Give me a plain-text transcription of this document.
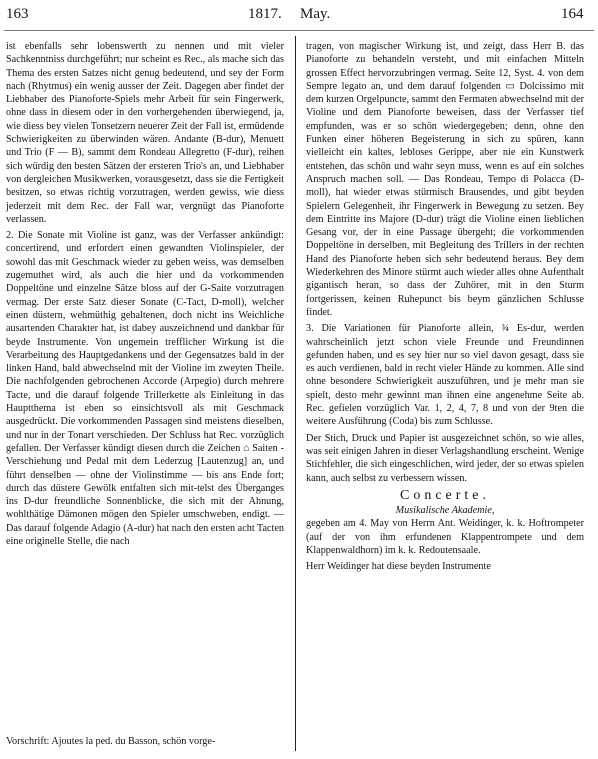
163	1817. May.	164

ist ebenfalls sehr lobenswerth zu nennen und mit vieler Sachkenntniss durchgeführt; nur scheint es Rec., als mache sich das Thema des ersten Satzes nicht genug bedeutend, und sey der Form nach (Rhytmus) ein wenig ausser der Zeit. Dagegen aber findet der Liebhaber des Pianoforte-Spiels mehr Arbeit für sein Fingerwerk, ohne dass in diesem oder in den vorhergehenden überwiegend, ja, wie diess bey vielen Tonsetzern neuerer Zeit der Fall ist, ermüdende Schwierigkeiten zu überwinden wären. Andante (B-dur), Menuett und Trio (F — B), sammt dem Rondeau Allegretto (F-dur), reihen sich würdig den besten Sätzen der ersteren Trio's an, und Liebhaber von dergleichen Musikwerken, vorausgesetzt, dass sie die Fertigkeit besitzen, so etwas richtig vorzutragen, werden gewiss, wie diess jederzeit mit dem Rec. der Fall war, vergnügt das Pianoforte verlassen.

2. Die Sonate mit Violine ist ganz, was der Verfasser ankündigt: concertirend, und erfordert einen gewandten Violinspieler, der sowohl das mit Geschmack wieder zu geben weiss, was demselben zugemuthet wird, als auch die hier und da vorkommenden Doppeltöne und einzelne Sätze bloss auf der G-Saite vorzutragen vermag. Der erste Satz dieser Sonate (C-Tact, D-moll), welcher einen düstern, wehmüthig gehaltenen, doch nicht ins Weichliche ausartenden Charakter hat, ist dabey auszeichnend und dankbar für beyde Instrumente. Von ungemein trefflicher Wirkung ist die Verarbeitung des Hauptgedankens und der Gegensatzes bald in der linken Hand, bald abwechselnd mit der Violine im zweyten Theile. Die nachfolgenden gebrochenen Accorde (Arpegio) durch mehrere Tacte, und die darauf folgende Trillerkette als Einleitung in das Hauptthema ist eben so einsichtsvoll als mit Geschmack ausgedrückt. Die vorkommenden Passagen sind meistens dieselben, und nur in der Tonart verschieden. Der Schluss hat Rec. vorzüglich gefallen. Der Verfasser kündigt diesen durch die Zeichen ⌂ Saiten - Verschiehung und Pedal mit dem Lederzug [Lautenzug] an, und führt denselben — ohne der Violinstimme — bis ans Ende fort; durch das düstere Gewölk entfalten sich mit-telst des Überganges ins D-dur freundliche Sonnenblicke, die sich mit der Ahnung, wohlthätige Dämonen mögen den Spieler umschweben, endigt. — Das darauf folgende Adagio (A-dur) hat nach den ersten acht Tacten eine originelle Stelle, die nach

Vorschrift: Ajoutes la ped. du Basson, schön vorge-

tragen, von magischer Wirkung ist, und zeigt, dass Herr B. das Pianoforte zu behandeln versteht, und mit einfachen Mitteln grossen Effect hervorzubringen vermag. Seite 12, Syst. 4. von dem Sempre legato an, und dem darauf folgenden ▭ Dolcissimo mit dem kurzen Orgelpuncte, sammt den Fermaten abwechselnd mit der Violine und dem Pianoforte beweisen, dass der Verfasser tief empfunden, was er so schön wiedergegeben; denn, ohne den Funken einer höheren Begeisterung in sich zu spüren, kann vielleicht ein kaltes, lebloses Gerippe, aber nie ein Kunstwerk entstehen, das schön und wahr seyn muss, wenn es auf ein solches Anspruch machen soll. — Das Rondeau, Tempo di Polacca (D-moll), hat wieder etwas stürmisch Brausendes, und gibt beyden Spielern Gelegenheit, ihr Fingerwerk in Bewegung zu setzen. Bey dem Eintritte ins Majore (D-dur) trägt die Violine einen lieblichen Gesang vor, der in eine Passage übergeht; die vorkommenden Doppeltöne in derselben, mit Begleitung des Trillers in der rechten Hand des Pianoforte heben sich sehr bedeutend heraus. Bey dem Wiederkehren des Minore stürmt auch wieder alles ohne Aufenthalt gigantisch heran, so dass der Zuhörer, mit in den Sturm fortgerissen, keinen Ruhepunct bis beym gänzlichen Schlusse findet.

3. Die Variationen für Pianoforte allein, ¾ Es-dur, werden wahrscheinlich jetzt schon viele Freunde und Freundinnen gefunden haben, und es sey hier nur so viel davon gesagt, dass sie es auch verdienen, bald in recht vieler Hände zu kommen. Alle sind ohne besondere Schwierigkeit auszuführen, und je mehr man sie spielt, desto mehr gewinnt man ihnen eine angenehme Seite ab. Rec. gefielen vorzüglich Var. 1, 2, 4, 7, 8 und von der 9ten die weitere Ausführung (Coda) bis zum Schlusse.

Der Stich, Druck und Papier ist ausgezeichnet schön, so wie alles, was seit einigen Jahren in dieser Verlagshandlung erscheint. Wenige Stichfehler, die sich eingeschlichen, wird jeder, der so etwas spielen kann, auch selbst zu verbessern wissen.

Concerte.
Musikalische Akademie,

gegeben am 4. May von Herrn Ant. Weidinger, k. k. Hoftrompeter (auf der von ihm erfundenen Klappentrompete und dem Klappenwaldhorn) im k. k. Redoutensaale.

Herr Weidinger hat diese beyden Instrumente
